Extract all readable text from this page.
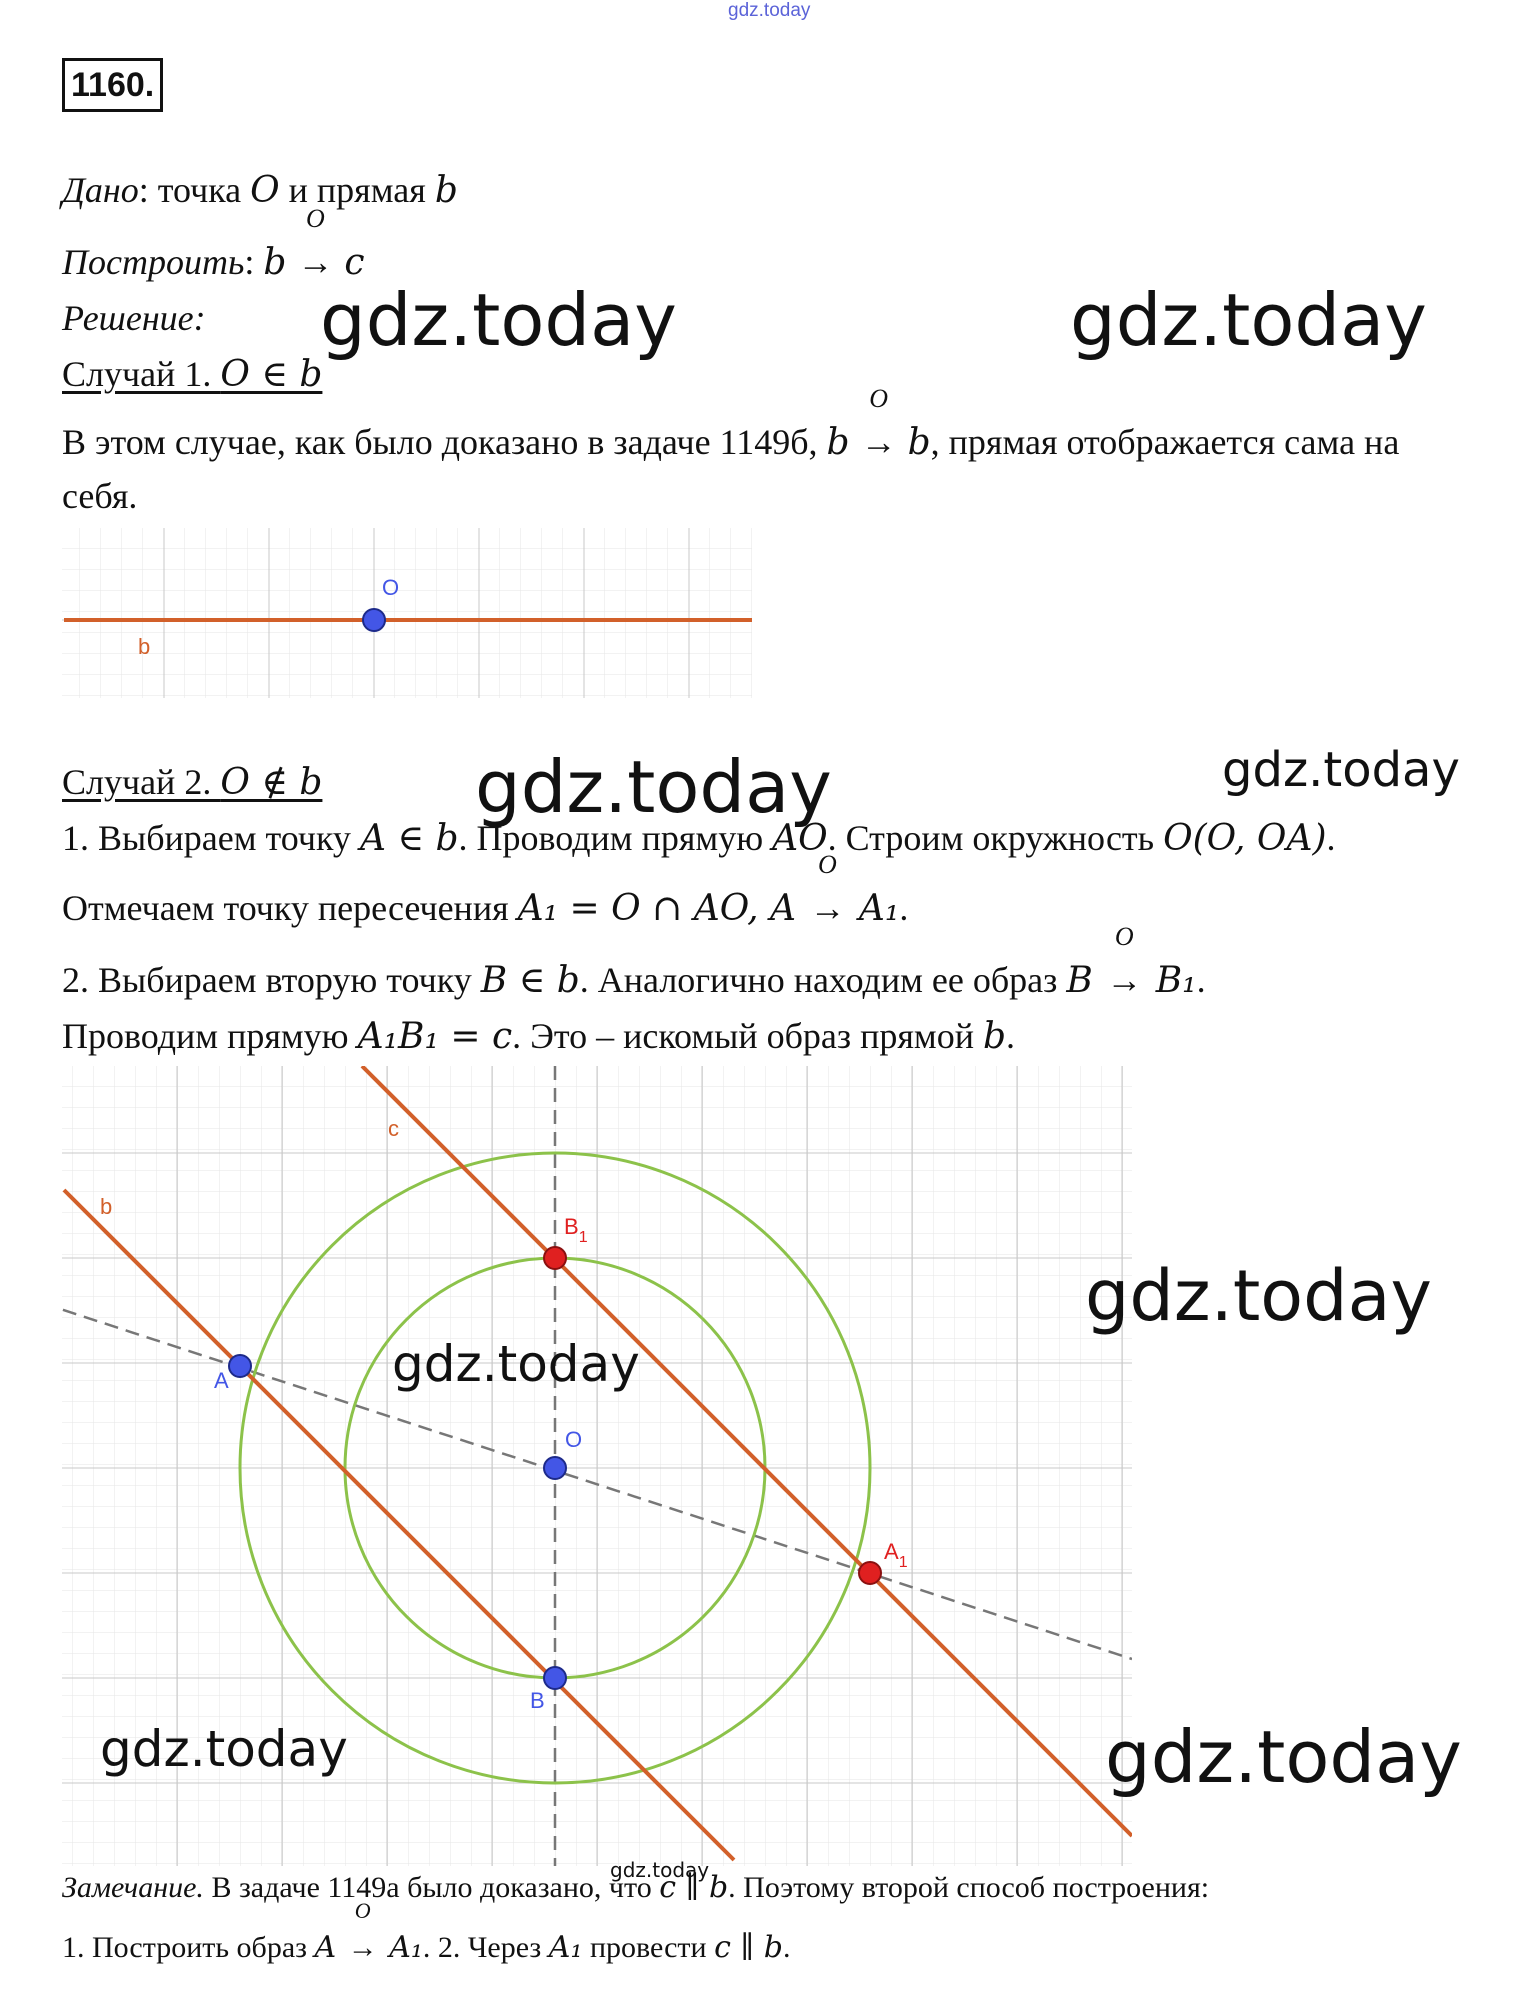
gdz.today
1160.
Дано: точка O и прямая b
Построить: b →
O
c
Решение:
Случай 1. O ∈ b
В этом случае, как было доказано в задаче 1149б, b →
O
b, прямая отображается сама на
себя.
O
b
Случай 2. O ∉ b
1. Выбираем точку A ∈ b. Проводим прямую AO. Строим окружность O(O, OA).
Отмечаем точку пересечения A₁ = O ∩ AO, A →
O
A₁.
2. Выбираем вторую точку B ∈ b. Аналогично находим ее образ B →
O
B₁.
Проводим прямую A₁B₁ = c. Это – искомый образ прямой b.
b
c
A
O
B
$B_1$
$A_1$
Замечание. В задаче 1149а было доказано, что c ∥ b. Поэтому второй способ построения:
1. Построить образ A →
O
A₁. 2. Через A₁ провести c ∥ b.
gdz.today	gdz.today
gdz.today	gdz.today
gdz.today
gdz.today
gdz.today	gdz.today
gdz.today
